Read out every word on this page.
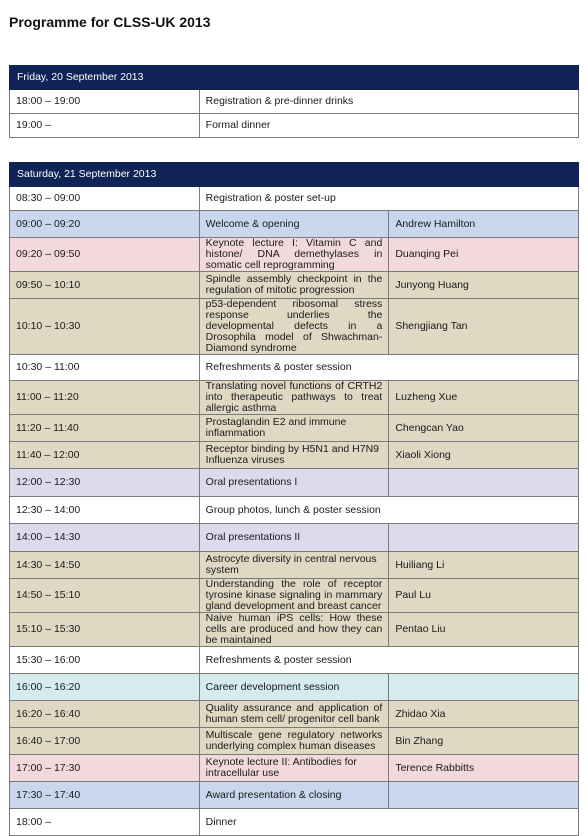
Programme for CLSS-UK 2013
Friday, 20 September 2013	
18:00 – 19:00	Registration & pre-dinner drinks
19:00 –	Formal dinner
Saturday, 21 September 2013		
08:30 – 09:00	Registration & poster set-up	
09:00 – 09:20	Welcome & opening	Andrew Hamilton
09:20 – 09:50	Keynote lecture I: Vitamin C and histone/ DNA demethylases in somatic cell reprogramming	Duanqing Pei
09:50 – 10:10	Spindle assembly checkpoint in the regulation of mitotic progression	Junyong Huang
10:10 – 10:30	p53-dependent ribosomal stress response underlies the developmental defects in a Drosophila model of Shwachman-Diamond syndrome	Shengjiang Tan
10:30 – 11:00	Refreshments & poster session	
11:00 – 11:20	Translating novel functions of CRTH2 into therapeutic pathways to treat allergic asthma	Luzheng Xue
11:20 – 11:40	Prostaglandin E2 and immune inflammation	Chengcan Yao
11:40 – 12:00	Receptor binding by H5N1 and H7N9 Influenza viruses	Xiaoli Xiong
12:00 – 12:30	Oral presentations I	
12:30 – 14:00	Group photos, lunch & poster session	
14:00 – 14:30	Oral presentations II	
14:30 – 14:50	Astrocyte diversity in central nervous system	Huiliang Li
14:50 – 15:10	Understanding the role of receptor tyrosine kinase signaling in mammary gland development and breast cancer	Paul Lu
15:10 – 15:30	Naive human iPS cells: How these cells are produced and how they can be maintained	Pentao Liu
15:30 – 16:00	Refreshments & poster session	
16:00 – 16:20	Career development session	
16:20 – 16:40	Quality assurance and application of human stem cell/ progenitor cell bank	Zhidao Xia
16:40 – 17:00	Multiscale gene regulatory networks underlying complex human diseases	Bin Zhang
17:00 – 17:30	Keynote lecture II: Antibodies for intracellular use	Terence Rabbitts
17:30 – 17:40	Award presentation & closing	
18:00 –	Dinner	
